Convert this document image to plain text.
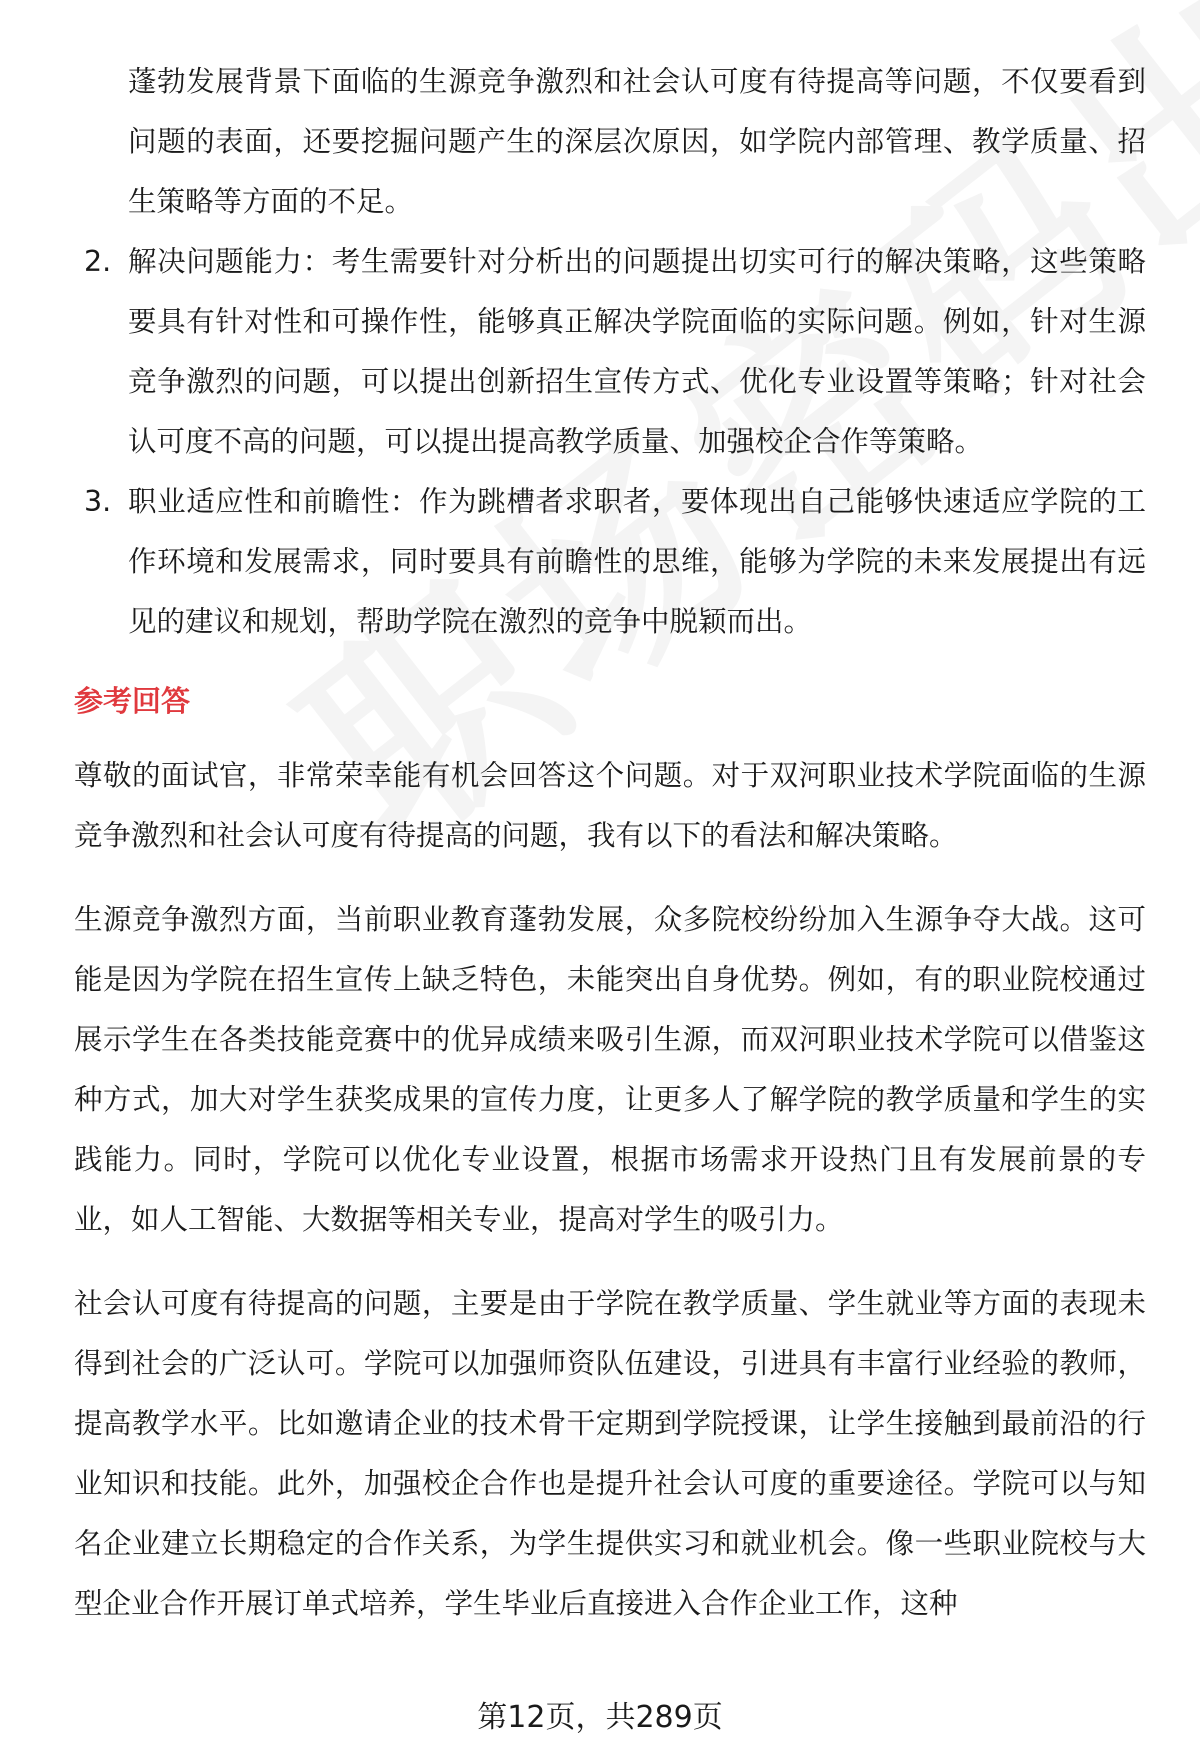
蓬勃发展背景下面临的生源竞争激烈和社会认可度有待提高等问题，不仅要看到问题的表面，还要挖掘问题产生的深层次原因，如学院内部管理、教学质量、招生策略等方面的不足。
2. 解决问题能力：考生需要针对分析出的问题提出切实可行的解决策略，这些策略要具有针对性和可操作性，能够真正解决学院面临的实际问题。例如，针对生源竞争激烈的问题，可以提出创新招生宣传方式、优化专业设置等策略；针对社会认可度不高的问题，可以提出提高教学质量、加强校企合作等策略。
3. 职业适应性和前瞻性：作为跳槽者求职者，要体现出自己能够快速适应学院的工作环境和发展需求，同时要具有前瞻性的思维，能够为学院的未来发展提出有远见的建议和规划，帮助学院在激烈的竞争中脱颖而出。
参考回答
尊敬的面试官，非常荣幸能有机会回答这个问题。对于双河职业技术学院面临的生源竞争激烈和社会认可度有待提高的问题，我有以下的看法和解决策略。
生源竞争激烈方面，当前职业教育蓬勃发展，众多院校纷纷加入生源争夺大战。这可能是因为学院在招生宣传上缺乏特色，未能突出自身优势。例如，有的职业院校通过展示学生在各类技能竞赛中的优异成绩来吸引生源，而双河职业技术学院可以借鉴这种方式，加大对学生获奖成果的宣传力度，让更多人了解学院的教学质量和学生的实践能力。同时，学院可以优化专业设置，根据市场需求开设热门且有发展前景的专业，如人工智能、大数据等相关专业，提高对学生的吸引力。
社会认可度有待提高的问题，主要是由于学院在教学质量、学生就业等方面的表现未得到社会的广泛认可。学院可以加强师资队伍建设，引进具有丰富行业经验的教师，提高教学水平。比如邀请企业的技术骨干定期到学院授课，让学生接触到最前沿的行业知识和技能。此外，加强校企合作也是提升社会认可度的重要途径。学院可以与知名企业建立长期稳定的合作关系，为学生提供实习和就业机会。像一些职业院校与大型企业合作开展订单式培养，学生毕业后直接进入合作企业工作，这种
第12页，共289页
